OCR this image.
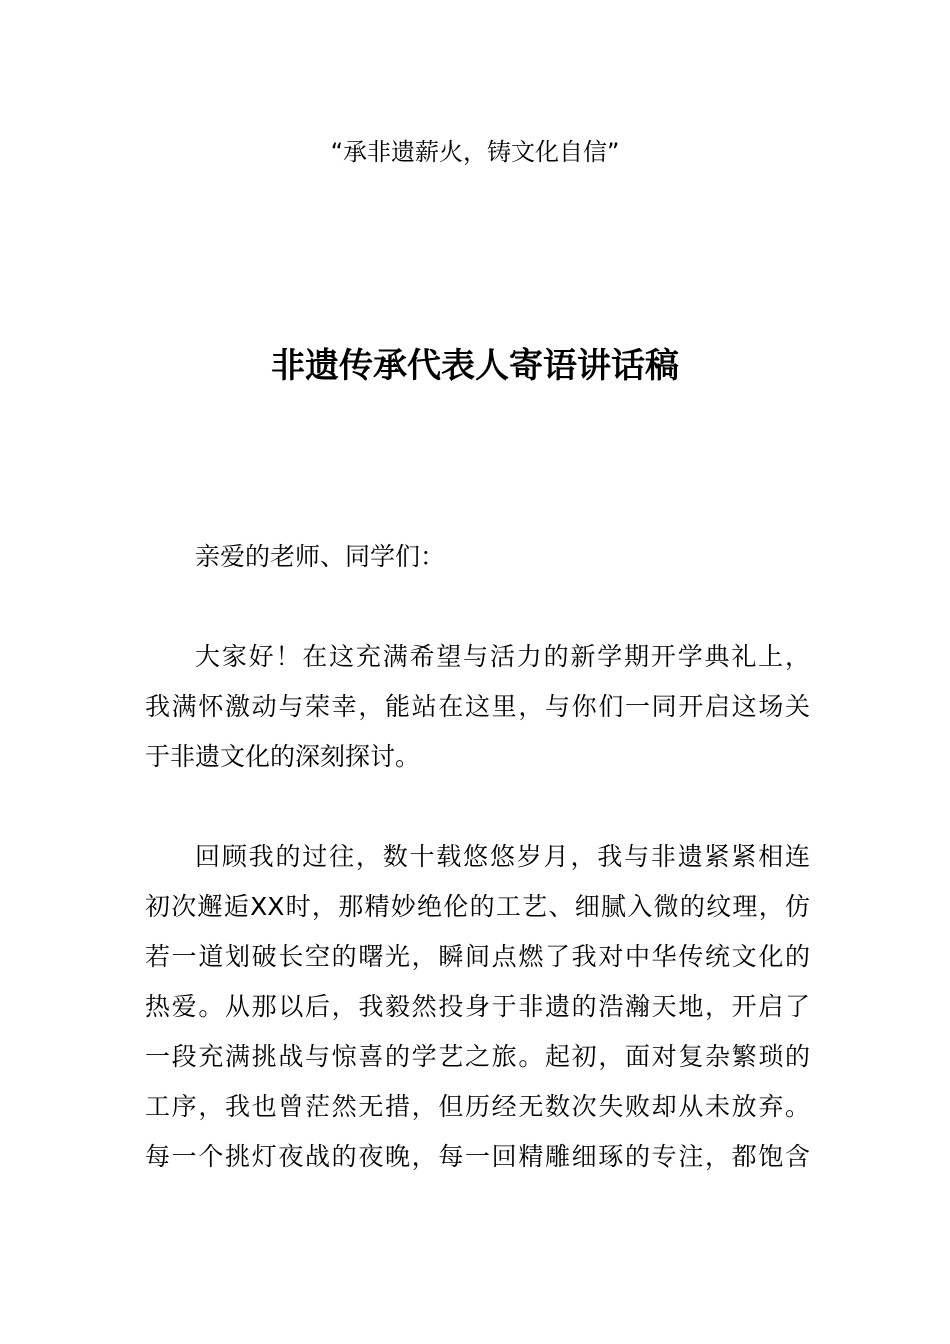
“承非遗薪火，铸文化自信”
非遗传承代表人寄语讲话稿

亲爱的老师、同学们：

大家好！在这充满希望与活力的新学期开学典礼上，

我满怀激动与荣幸，能站在这里，与你们一同开启这场关

于非遗文化的深刻探讨。

回顾我的过往，数十载悠悠岁月，我与非遗紧紧相连

初次邂逅XX时，那精妙绝伦的工艺、细腻入微的纹理，仿

若一道划破长空的曙光，瞬间点燃了我对中华传统文化的

热爱。从那以后，我毅然投身于非遗的浩瀚天地，开启了

一段充满挑战与惊喜的学艺之旅。起初，面对复杂繁琐的

工序，我也曾茫然无措，但历经无数次失败却从未放弃。

每一个挑灯夜战的夜晚，每一回精雕细琢的专注，都饱含
